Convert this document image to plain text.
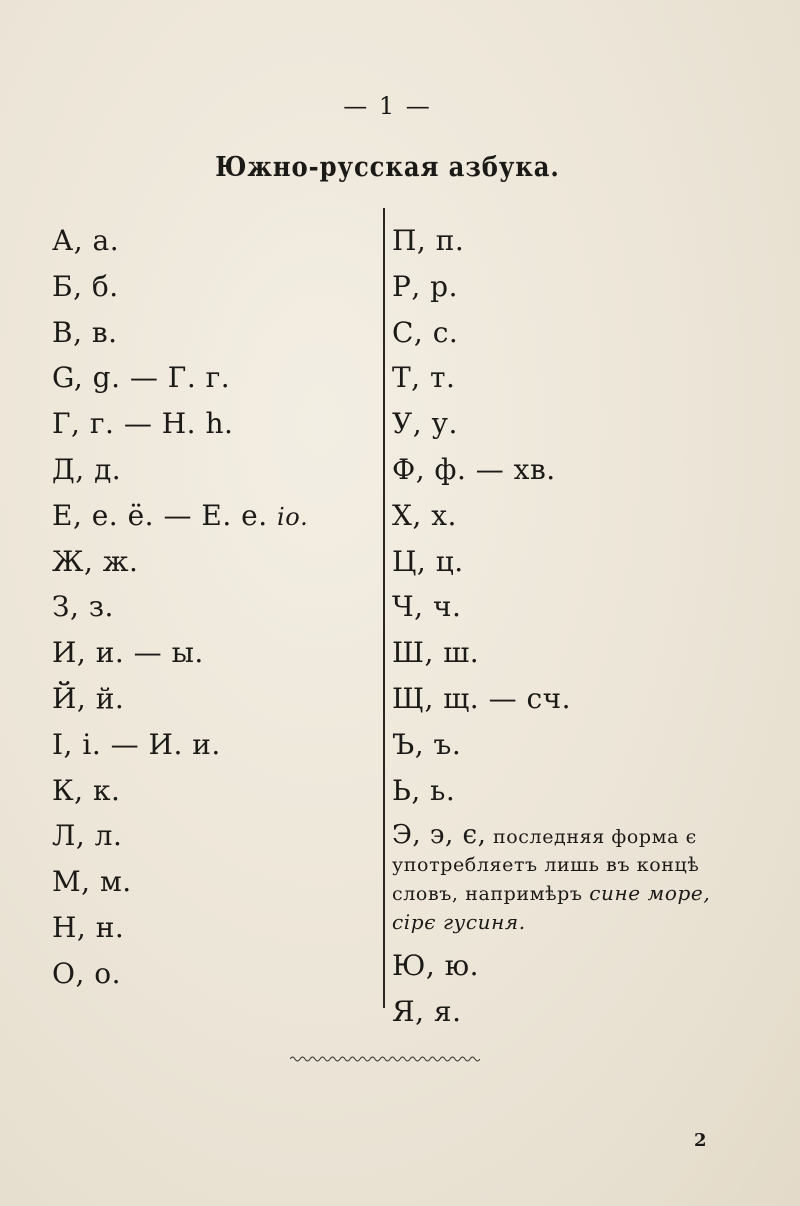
— 1 —
Южно-русская азбука.
А, а.
Б, б.
В, в.
G, g. — Г. г.
Г, г. — Н. h.
Д, д.
Е, е. ё. — Е. е. іо.
Ж, ж.
З, з.
И, и. — ы.
Й, й.
I, i. — И. и.
К, к.
Л, л.
М, м.
Н, н.
О, о.
П, п.
Р, р.
С, с.
Т, т.
У, у.
Ф, ф. — хв.
Х, х.
Ц, ц.
Ч, ч.
Ш, ш.
Щ, щ. — сч.
Ъ, ъ.
Ь, ь.
Э, э, є, последняя форма є употребляетъ лишь въ концѣ словъ, напримѣръ сине море, сірє гусиня.
Ю, ю.
Я, я.
2
